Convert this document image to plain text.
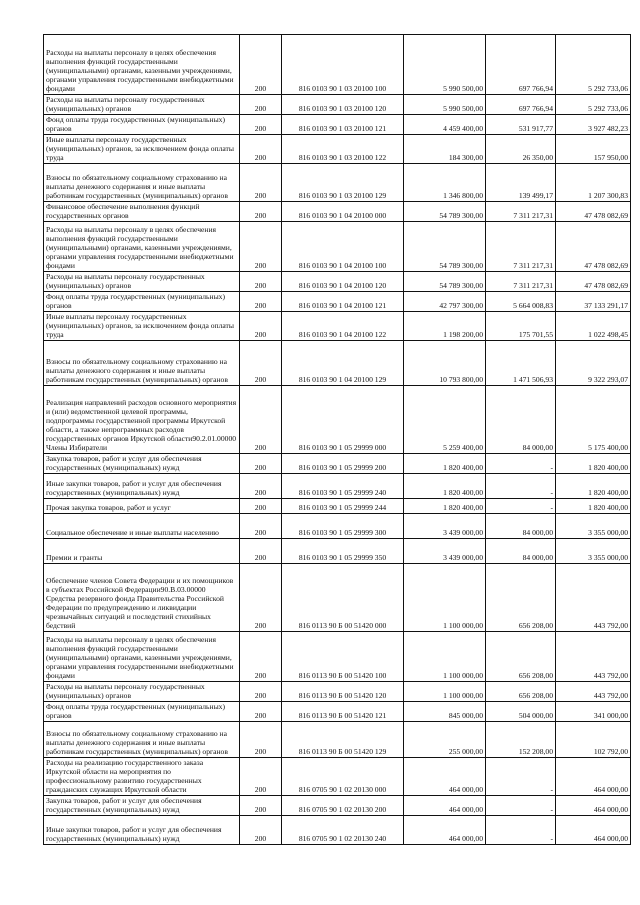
Расходы на выплаты персоналу в целях обеспечения выполнения функций государственными (муниципальными) органами, казенными учреждениями, органами управления государственными внебюджетными фондами	200	816 0103 90 1 03 20100 100	5 990 500,00	697 766,94	5 292 733,06
Расходы на выплаты персоналу государственных (муниципальных) органов	200	816 0103 90 1 03 20100 120	5 990 500,00	697 766,94	5 292 733,06
Фонд оплаты труда государственных (муниципальных) органов	200	816 0103 90 1 03 20100 121	4 459 400,00	531 917,77	3 927 482,23
Иные выплаты персоналу государственных (муниципальных) органов, за исключением фонда оплаты труда	200	816 0103 90 1 03 20100 122	184 300,00	26 350,00	157 950,00
Взносы по обязательному социальному страхованию на выплаты денежного содержания и иные выплаты работникам государственных (муниципальных) органов	200	816 0103 90 1 03 20100 129	1 346 800,00	139 499,17	1 207 300,83
Финансовое обеспечение выполнения функций государственных органов	200	816 0103 90 1 04 20100 000	54 789 300,00	7 311 217,31	47 478 082,69
Расходы на выплаты персоналу в целях обеспечения выполнения функций государственными (муниципальными) органами, казенными учреждениями, органами управления государственными внебюджетными фондами	200	816 0103 90 1 04 20100 100	54 789 300,00	7 311 217,31	47 478 082,69
Расходы на выплаты персоналу государственных (муниципальных) органов	200	816 0103 90 1 04 20100 120	54 789 300,00	7 311 217,31	47 478 082,69
Фонд оплаты труда государственных (муниципальных) органов	200	816 0103 90 1 04 20100 121	42 797 300,00	5 664 008,83	37 133 291,17
Иные выплаты персоналу государственных (муниципальных) органов, за исключением фонда оплаты труда	200	816 0103 90 1 04 20100 122	1 198 200,00	175 701,55	1 022 498,45
Взносы по обязательному социальному страхованию на выплаты денежного содержания и иные выплаты работникам государственных (муниципальных) органов	200	816 0103 90 1 04 20100 129	10 793 800,00	1 471 506,93	9 322 293,07
Реализация направлений расходов основного мероприятия и (или) ведомственной целевой программы, подпрограммы государственной программы Иркутской области, а также непрограммных расходов государственных органов Иркутской области90.2.01.00000 Члены Избиратели	200	816 0103 90 1 05 29999 000	5 259 400,00	84 000,00	5 175 400,00
Закупка товаров, работ и услуг для обеспечения государственных (муниципальных) нужд	200	816 0103 90 1 05 29999 200	1 820 400,00	-	1 820 400,00
Иные закупки товаров, работ и услуг для обеспечения государственных (муниципальных) нужд	200	816 0103 90 1 05 29999 240	1 820 400,00	-	1 820 400,00
Прочая закупка товаров, работ и услуг	200	816 0103 90 1 05 29999 244	1 820 400,00	-	1 820 400,00
Социальное обеспечение и иные выплаты населению	200	816 0103 90 1 05 29999 300	3 439 000,00	84 000,00	3 355 000,00
Премии и гранты	200	816 0103 90 1 05 29999 350	3 439 000,00	84 000,00	3 355 000,00
Обеспечение членов Совета Федерации и их помощников в субъектах Российской Федерации90.В.03.00000 Средства резервного фонда Правительства Российской Федерации по предупреждению и ликвидации чрезвычайных ситуаций и последствий стихийных бедствий	200	816 0113 90 Б 00 51420 000	1 100 000,00	656 208,00	443 792,00
Расходы на выплаты персоналу в целях обеспечения выполнения функций государственными (муниципальными) органами, казенными учреждениями, органами управления государственными внебюджетными фондами	200	816 0113 90 Б 00 51420 100	1 100 000,00	656 208,00	443 792,00
Расходы на выплаты персоналу государственных (муниципальных) органов	200	816 0113 90 Б 00 51420 120	1 100 000,00	656 208,00	443 792,00
Фонд оплаты труда государственных (муниципальных) органов	200	816 0113 90 Б 00 51420 121	845 000,00	504 000,00	341 000,00
Взносы по обязательному социальному страхованию на выплаты денежного содержания и иные выплаты работникам государственных (муниципальных) органов	200	816 0113 90 Б 00 51420 129	255 000,00	152 208,00	102 792,00
Расходы на реализацию государственного заказа Иркутской области на мероприятия по профессиональному развитию государственных гражданских служащих Иркутской области	200	816 0705 90 1 02 20130 000	464 000,00	-	464 000,00
Закупка товаров, работ и услуг для обеспечения государственных (муниципальных) нужд	200	816 0705 90 1 02 20130 200	464 000,00	-	464 000,00
Иные закупки товаров, работ и услуг для обеспечения государственных (муниципальных) нужд	200	816 0705 90 1 02 20130 240	464 000,00	-	464 000,00
